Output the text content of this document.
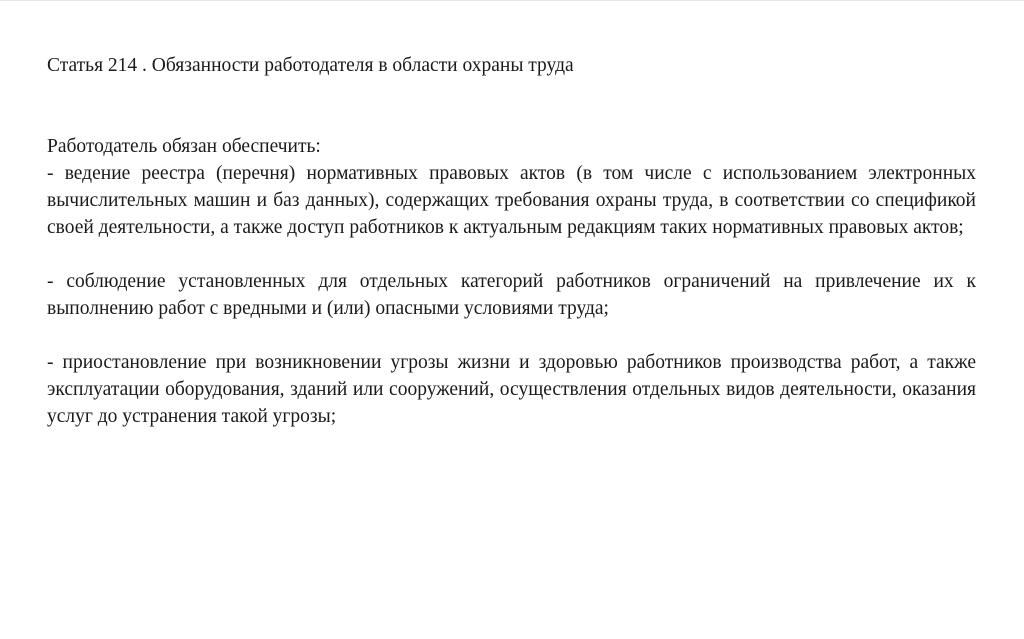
Статья 214 . Обязанности работодателя в области охраны труда

Работодатель обязан обеспечить:

- ведение реестра (перечня) нормативных правовых актов (в том числе с использованием электронных вычислительных машин и баз данных), содержащих требования охраны труда, в соответствии со спецификой своей деятельности, а также доступ работников к актуальным редакциям таких нормативных правовых актов;

- соблюдение установленных для отдельных категорий работников ограничений на привлечение их к выполнению работ с вредными и (или) опасными условиями труда;

- приостановление при возникновении угрозы жизни и здоровью работников производства работ, а также эксплуатации оборудования, зданий или сооружений, осуществления отдельных видов деятельности, оказания услуг до устранения такой угрозы;
